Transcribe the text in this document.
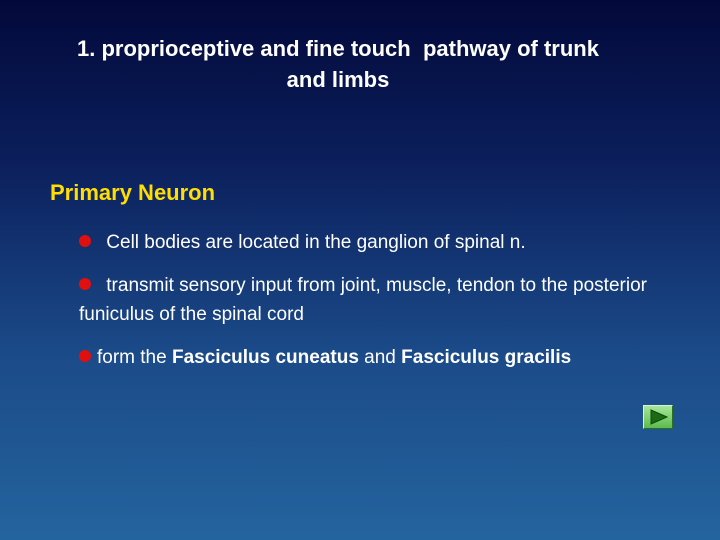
1. proprioceptive and fine touch  pathway of trunk
and limbs
Primary Neuron
Cell bodies are located in the ganglion of spinal n.
transmit sensory input from joint, muscle, tendon to the posterior funiculus of the spinal cord
form the Fasciculus cuneatus and Fasciculus gracilis
